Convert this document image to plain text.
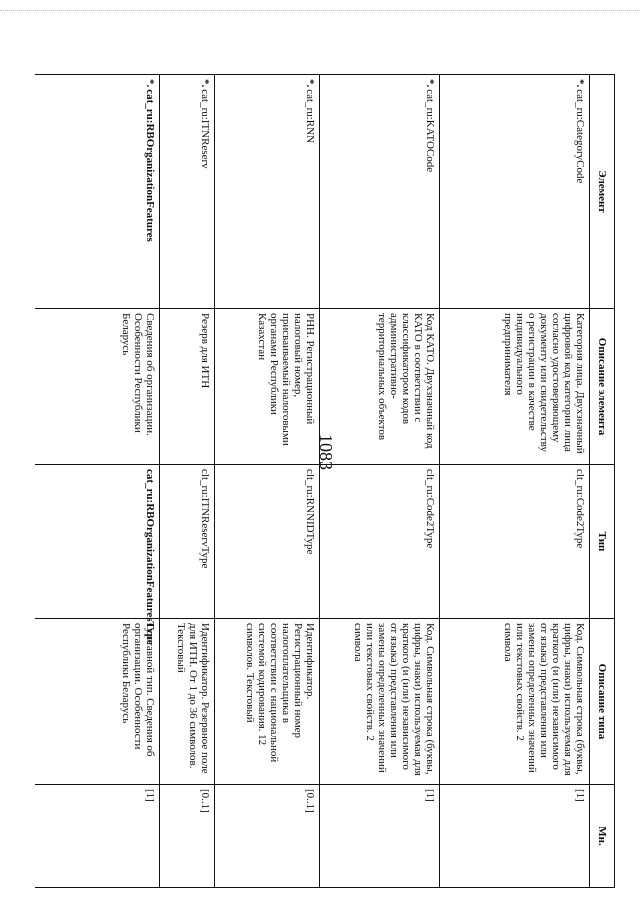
1083
Элемент	Описание элемента	Тип	Описание типа	Мн.
*.cat_ru:CategoryCode	Категория лица. Двухзначный цифровой код категории лица согласно удостоверяющему документу или свидетельству о регистрации в качестве индивидуального предпринимателя	clt_ru:Code2Type	Код. Символьная строка (буквы, цифры, знаки) используемая для краткого (и (или) независимого от языка) представления или замены определенных значений или текстовых свойств. 2 символа	[1]
*.cat_ru:KATOCode	Код КАТО. Двухзначный код КАТО в соответствии с классификатором кодов административно-территориальных объектов	clt_ru:Code2Type	Код. Символьная строка (буквы, цифры, знаки) используемая для краткого (и (или) независимого от языка) представления или замены определенных значений или текстовых свойств. 2 символа	[1]
*.cat_ru:RNN	РНН. Регистрационный налоговый номер, присваиваемый налоговыми органами Республики Казахстан	clt_ru:RNNIDType	Идентификатор. Регистрационный номер налогоплательщика в соответствии с национальной системой кодирования. 12 символов. Текстовый	[0..1]
*.cat_ru:ITNReserv	Резерв для ИТН	clt_ru:ITNReservType	Идентификатор. Резервное поле для ИТН. От 1 до 36 символов. Текстовый	[0..1]
*.cat_ru:RBOrganizationFeatures	Сведения об организации. Особенности Республики Беларусь	cat_ru:RBOrganizationFeaturesType	Составной тип. Сведения об организации. Особенности Республики Беларусь	[1]
